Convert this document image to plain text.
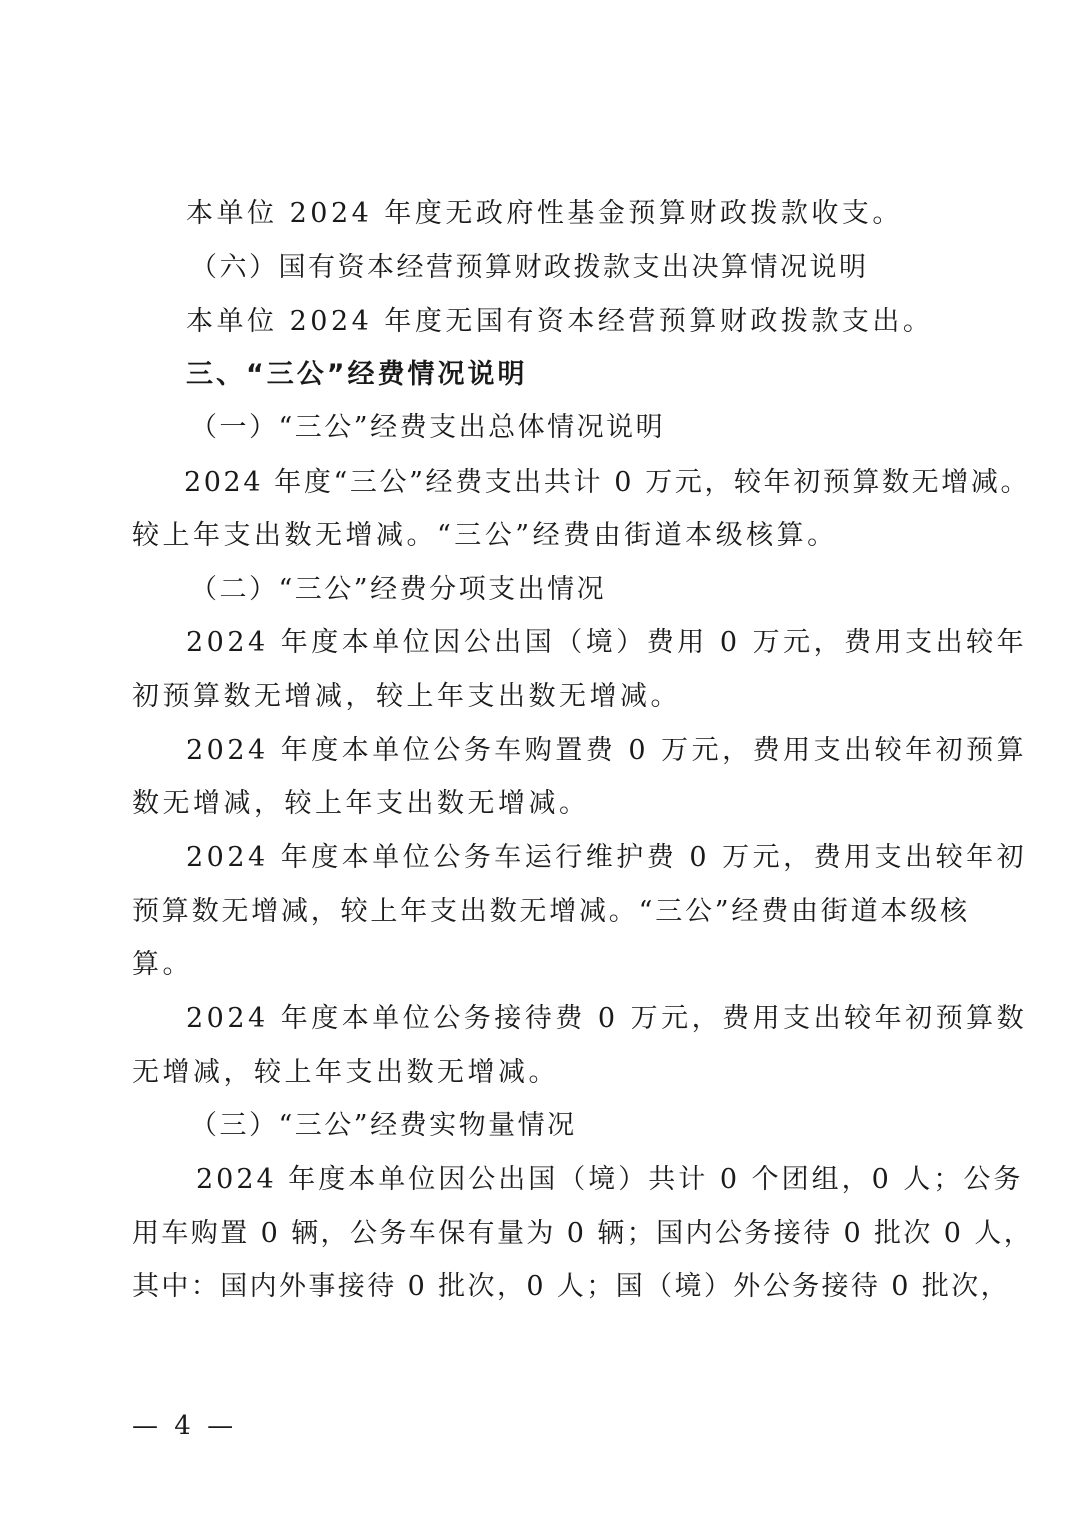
本单位 2024 年度无政府性基金预算财政拨款收支。
（六）国有资本经营预算财政拨款支出决算情况说明
本单位 2024 年度无国有资本经营预算财政拨款支出。
三、“三公”经费情况说明
（一）“三公”经费支出总体情况说明
2024 年度“三公”经费支出共计 0 万元，较年初预算数无增减。
较上年支出数无增减。“三公”经费由街道本级核算。
（二）“三公”经费分项支出情况
2024 年度本单位因公出国（境）费用 0 万元，费用支出较年
初预算数无增减，较上年支出数无增减。
2024 年度本单位公务车购置费 0 万元，费用支出较年初预算
数无增减，较上年支出数无增减。
2024 年度本单位公务车运行维护费 0 万元，费用支出较年初
预算数无增减，较上年支出数无增减。“三公”经费由街道本级核
算。
2024 年度本单位公务接待费 0 万元，费用支出较年初预算数
无增减，较上年支出数无增减。
（三）“三公”经费实物量情况
2024 年度本单位因公出国（境）共计 0 个团组，0 人；公务
用车购置 0 辆，公务车保有量为 0 辆；国内公务接待 0 批次 0 人，
其中：国内外事接待 0 批次，0 人；国（境）外公务接待 0 批次，
— 4 —
